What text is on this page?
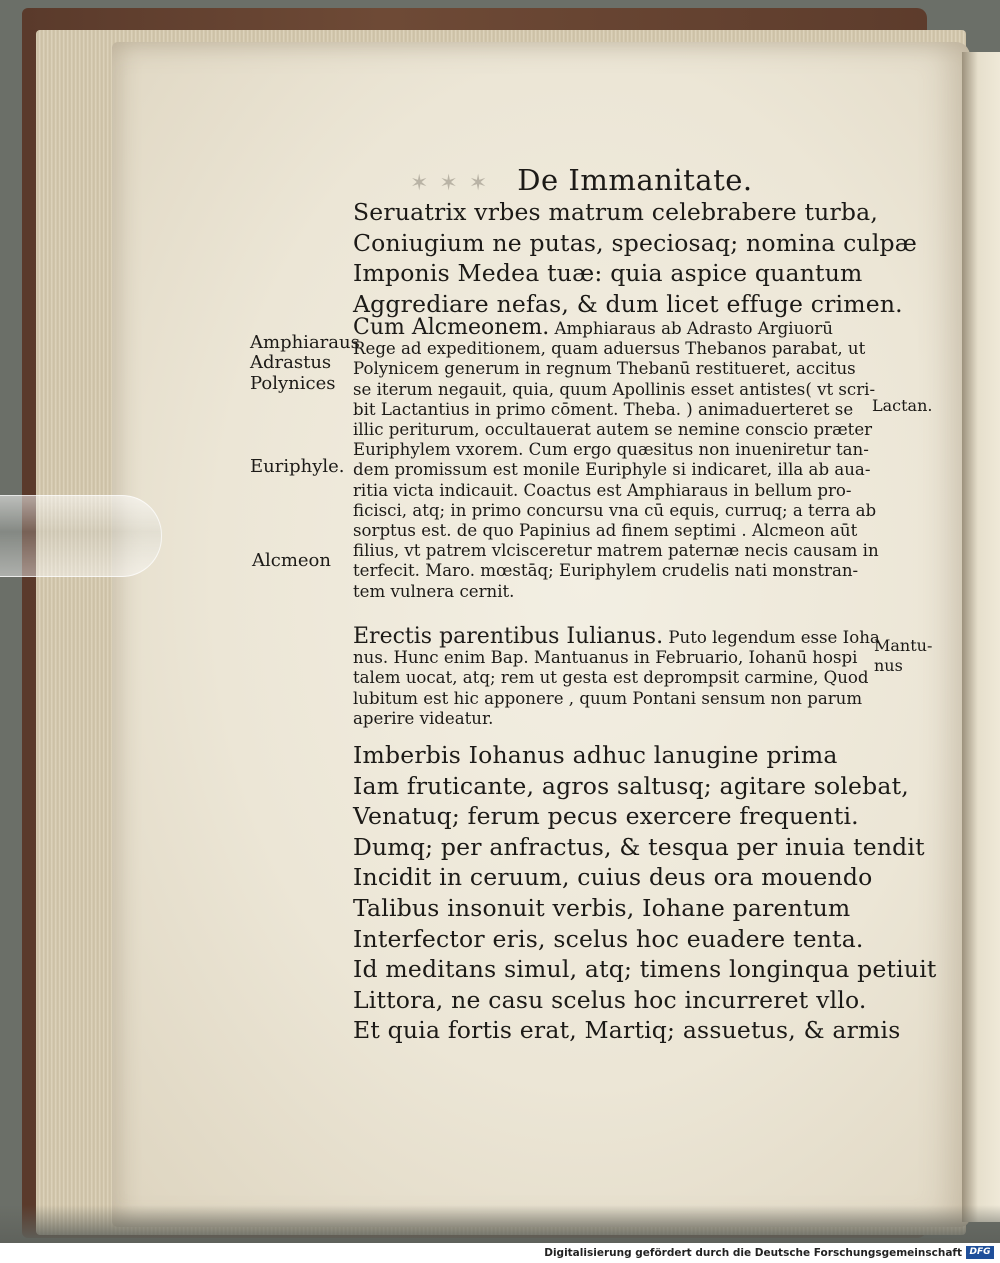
✶ ✶ ✶ De Immanitate.
Seruatrix vrbes matrum celebrabere turba,
Coniugium ne putas, speciosaq; nomina culpæ
Imponis Medea tuæ: quia aspice quantum
Aggrediare nefas, & dum licet effuge crimen.
Cum Alcmeonem. Amphiaraus ab Adrasto Argiuorū
Rege ad expeditionem, quam aduersus Thebanos parabat, ut
Polynicem generum in regnum Thebanū restitueret, accitus
se iterum negauit, quia, quum Apollinis esset antistes( vt scri-
bit Lactantius in primo cōment. Theba. ) animaduerteret se
illic periturum, occultauerat autem se nemine conscio præter
Euriphylem vxorem. Cum ergo quæsitus non inueniretur tan-
dem promissum est monile Euriphyle si indicaret, illa ab aua-
ritia victa indicauit. Coactus est Amphiaraus in bellum pro-
ficisci, atq; in primo concursu vna cū equis, curruq; a terra ab
sorptus est. de quo Papinius ad finem septimi . Alcmeon aūt
filius, vt patrem vlcisceretur matrem paternæ necis causam in
terfecit. Maro. mœstāq; Euriphylem crudelis nati monstran-
tem vulnera cernit.
Erectis parentibus Iulianus. Puto legendum esse Ioha
nus. Hunc enim Bap. Mantuanus in Februario, Iohanū hospi
talem uocat, atq; rem ut gesta est deprompsit carmine, Quod
lubitum est hic apponere , quum Pontani sensum non parum
aperire videatur.
Imberbis Iohanus adhuc lanugine prima
Iam fruticante, agros saltusq; agitare solebat,
Venatuq; ferum pecus exercere frequenti.
Dumq; per anfractus, & tesqua per inuia tendit
Incidit in ceruum, cuius deus ora mouendo
Talibus insonuit verbis, Iohane parentum
Interfector eris, scelus hoc euadere tenta.
Id meditans simul, atq; timens longinqua petiuit
Littora, ne casu scelus hoc incurreret vllo.
Et quia fortis erat, Martiq; assuetus, & armis
Amphiaraus
Adrastus
Polynices
Euriphyle.
Alcmeon
Lactan.
Mantu-
nus
Digitalisierung gefördert durch die Deutsche Forschungsgemeinschaft DFG
